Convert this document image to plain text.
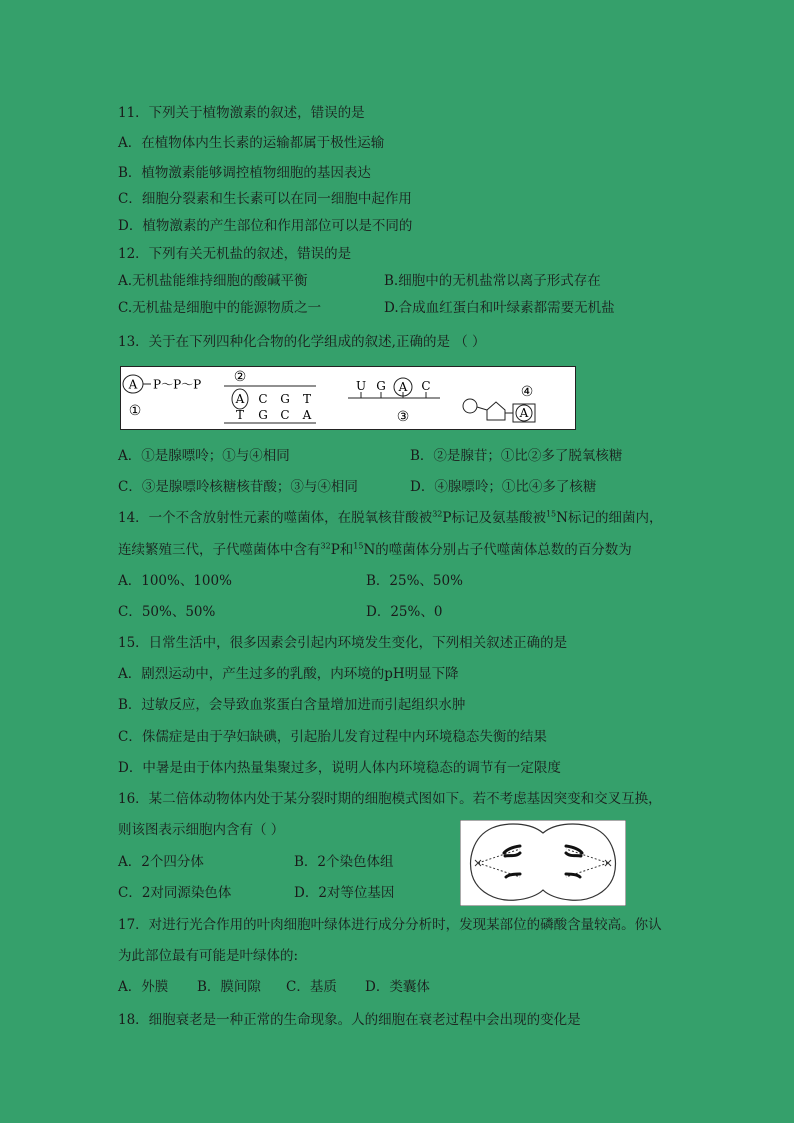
11．下列关于植物激素的叙述，错误的是
A．在植物体内生长素的运输都属于极性运输
B．植物激素能够调控植物细胞的基因表达
C．细胞分裂素和生长素可以在同一细胞中起作用
D．植物激素的产生部位和作用部位可以是不同的
12．下列有关无机盐的叙述，错误的是
A.无机盐能维持细胞的酸碱平衡	B.细胞中的无机盐常以离子形式存在
C.无机盐是细胞中的能源物质之一	D.合成血红蛋白和叶绿素都需要无机盐
13．关于在下列四种化合物的化学组成的叙述,正确的是 （ ）
A P～P～P
①
②
A C G T
T G C A
U G A C
③
④
A
A．①是腺嘌呤；①与④相同	B．②是腺苷；①比②多了脱氧核糖
C．③是腺嘌呤核糖核苷酸；③与④相同	D．④腺嘌呤；①比④多了核糖
14．一个不含放射性元素的噬菌体，在脱氧核苷酸被$^{32}$P标记及氨基酸被$^{15}$N标记的细菌内，
连续繁殖三代，子代噬菌体中含有$^{32}$P和$^{15}$N的噬菌体分别占子代噬菌体总数的百分数为
A．100%、100%	B．25%、50%
C．50%、50%	D．25%、0
15．日常生活中，很多因素会引起内环境发生变化，下列相关叙述正确的是
A．剧烈运动中，产生过多的乳酸，内环境的pH明显下降
B．过敏反应，会导致血浆蛋白含量增加进而引起组织水肿
C．侏儒症是由于孕妇缺碘，引起胎儿发育过程中内环境稳态失衡的结果
D．中暑是由于体内热量集聚过多，说明人体内环境稳态的调节有一定限度
16．某二倍体动物体内处于某分裂时期的细胞模式图如下。若不考虑基因突变和交叉互换，
则该图表示细胞内含有（ ）
A．2个四分体	B．2个染色体组
C．2对同源染色体	D．2对等位基因
17．对进行光合作用的叶肉细胞叶绿体进行成分分析时，发现某部位的磷酸含量较高。你认
为此部位最有可能是叶绿体的:
A．外膜 B．膜间隙 C．基质 D．类囊体
18．细胞衰老是一种正常的生命现象。人的细胞在衰老过程中会出现的变化是
